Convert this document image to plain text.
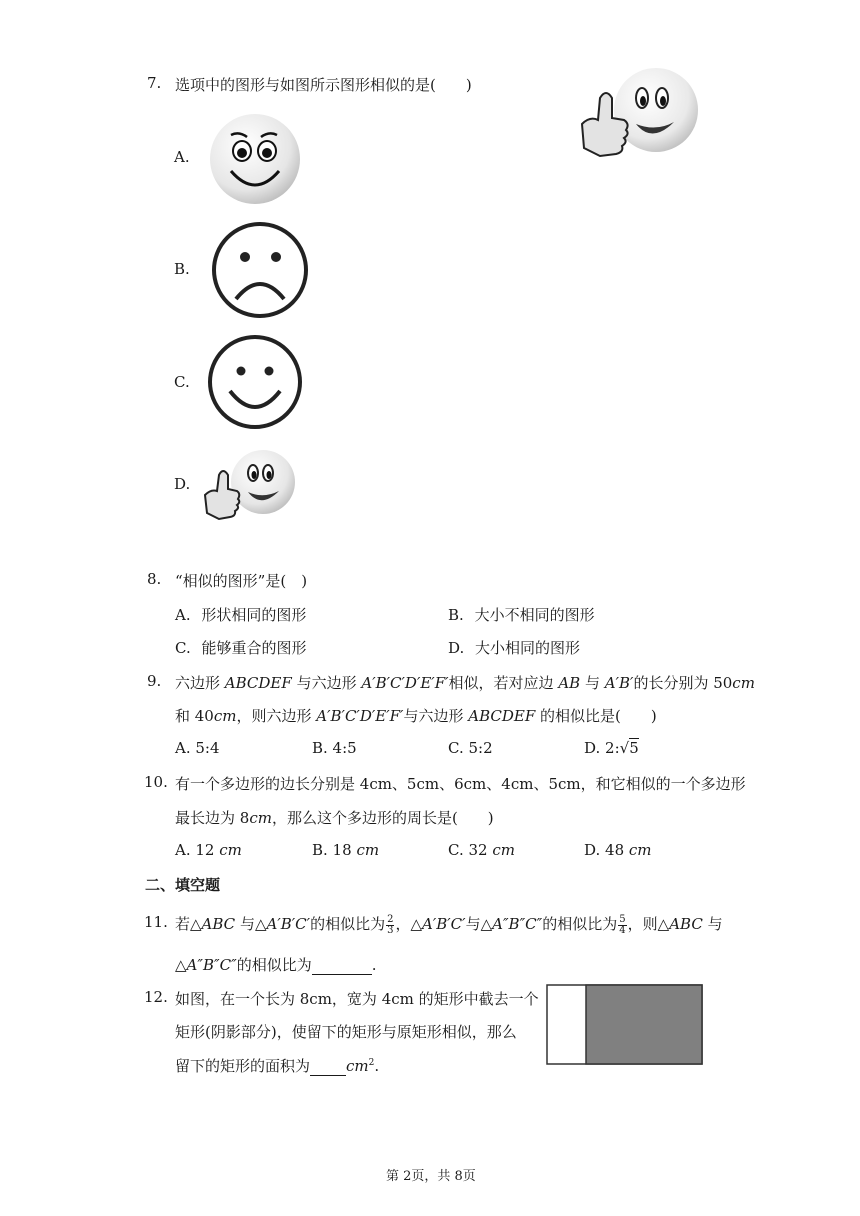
7. 选项中的图形与如图所示图形相似的是(　　)
A.
B.
C.
D.
8. “相似的图形”是(　)
A. 形状相同的图形	B. 大小不相同的图形
C. 能够重合的图形	D. 大小相同的图形
9. 六边形 ABCDEF 与六边形 A′B′C′D′E′F′相似，若对应边 AB 与 A′B′的长分别为 50cm
和 40cm，则六边形 A′B′C′D′E′F′与六边形 ABCDEF 的相似比是(　　)
A. 5:4	B. 4:5	C. 5:2	D. 2:√5
10. 有一个多边形的边长分别是 4cm、5cm、6cm、4cm、5cm，和它相似的一个多边形
最长边为 8cm，那么这个多边形的周长是(　　)
A. 12 cm	B. 18 cm	C. 32 cm	D. 48 cm
二、填空题
11. 若△ABC 与△A′B′C′的相似比为 $\frac{2}{3}$ ，△A′B′C′与△A″B″C″的相似比为 $\frac{5}{4}$ ，则△ABC 与
△A″B″C″的相似比为	.
12. 如图，在一个长为 8cm，宽为 4cm 的矩形中截去一个
矩形(阴影部分)，使留下的矩形与原矩形相似，那么
留下的矩形的面积为 $cm^2$.
第 2页，共 8页
